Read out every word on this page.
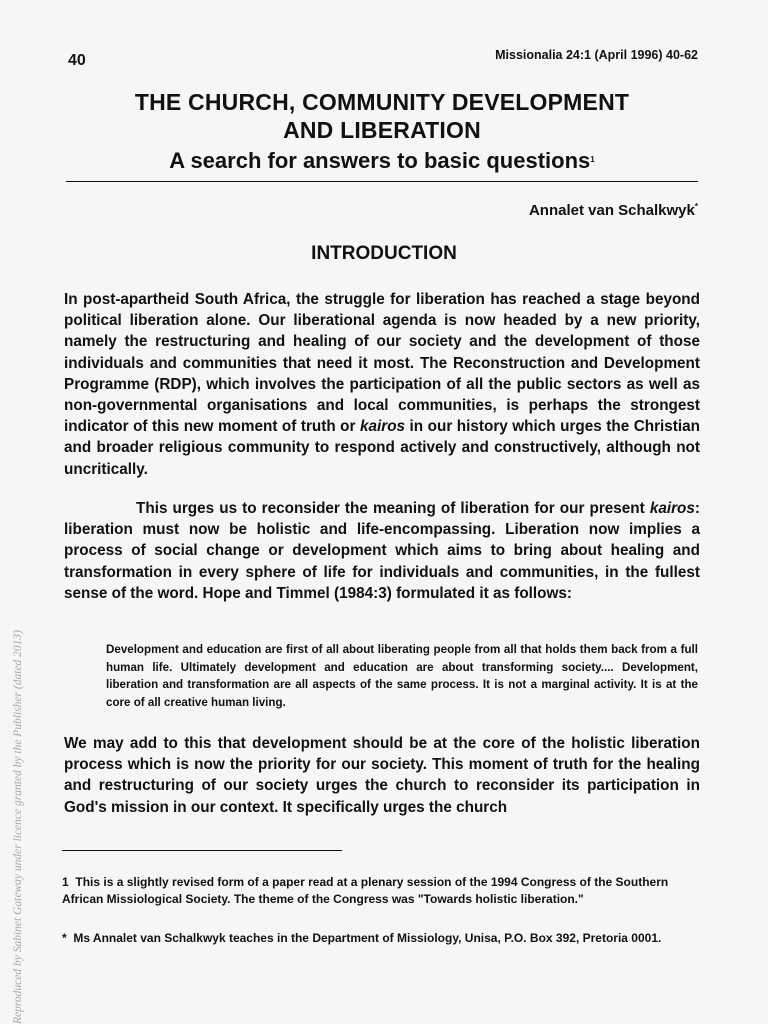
40	Missionalia 24:1 (April 1996) 40-62
THE CHURCH, COMMUNITY DEVELOPMENT
AND LIBERATION
A search for answers to basic questions$^1$
Annalet van Schalkwyk*
INTRODUCTION

In post-apartheid South Africa, the struggle for liberation has reached a stage beyond political liberation alone. Our liberational agenda is now headed by a new priority, namely the restructuring and healing of our society and the development of those individuals and communities that need it most. The Reconstruction and Development Programme (RDP), which involves the participation of all the public sectors as well as non-governmental organisations and local communities, is perhaps the strongest indicator of this new moment of truth or kairos in our history which urges the Christian and broader religious community to respond actively and constructively, although not uncritically.

This urges us to reconsider the meaning of liberation for our present kairos: liberation must now be holistic and life-encompassing. Liberation now implies a process of social change or development which aims to bring about healing and transformation in every sphere of life for individuals and communities, in the fullest sense of the word. Hope and Timmel (1984:3) formulated it as follows:

Development and education are first of all about liberating people from all that holds them back from a full human life. Ultimately development and education are about transforming society.... Development, liberation and transformation are all aspects of the same process. It is not a marginal activity. It is at the core of all creative human living.

We may add to this that development should be at the core of the holistic liberation process which is now the priority for our society. This moment of truth for the healing and restructuring of our society urges the church to reconsider its participation in God's mission in our context. It specifically urges the church

1 This is a slightly revised form of a paper read at a plenary session of the 1994 Congress of the Southern African Missiological Society. The theme of the Congress was "Towards holistic liberation."

* Ms Annalet van Schalkwyk teaches in the Department of Missiology, Unisa, P.O. Box 392, Pretoria 0001.

Reproduced by Sabinet Gateway under licence granted by the Publisher (dated 2013)
